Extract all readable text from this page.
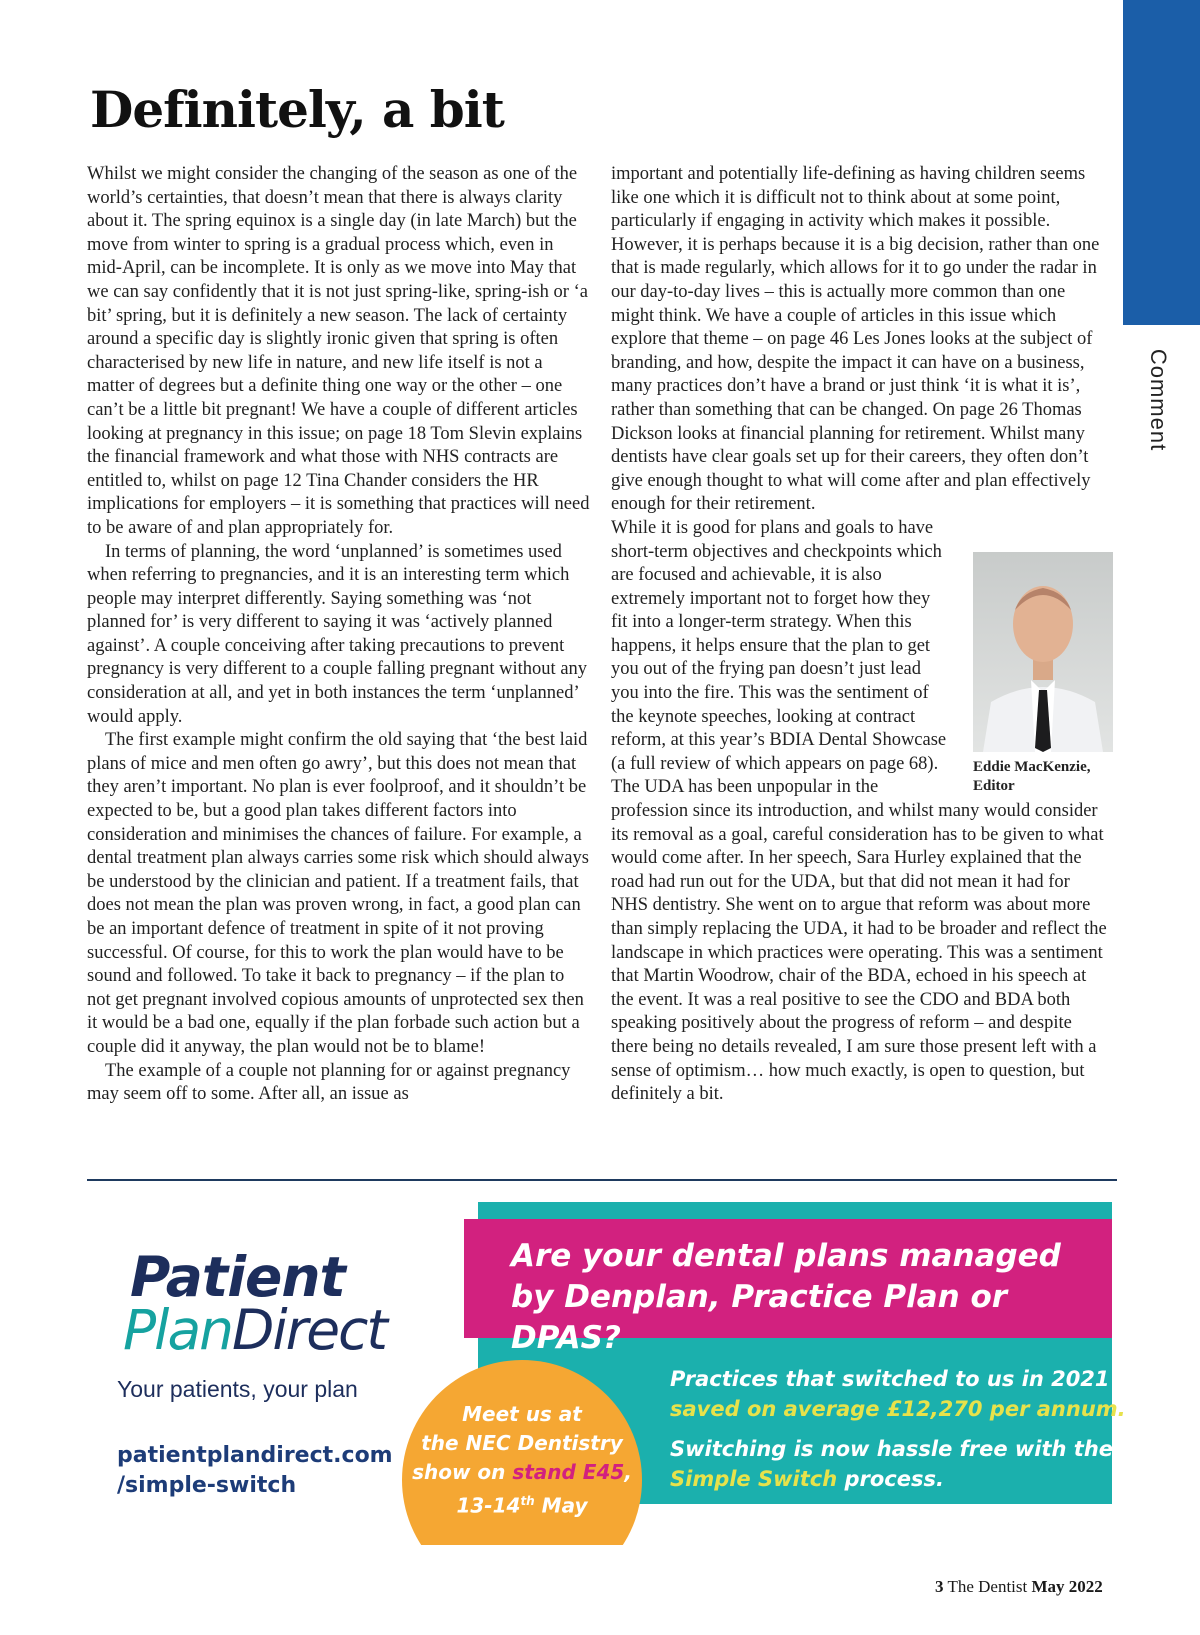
Comment
Definitely, a bit

Whilst we might consider the changing of the season as one of the world’s certainties, that doesn’t mean that there is always clarity about it. The spring equinox is a single day (in late March) but the move from winter to spring is a gradual process which, even in mid-April, can be incomplete. It is only as we move into May that we can say confidently that it is not just spring-like, spring-ish or ‘a bit’ spring, but it is definitely a new season. The lack of certainty around a specific day is slightly ironic given that spring is often characterised by new life in nature, and new life itself is not a matter of degrees but a definite thing one way or the other – one can’t be a little bit pregnant! We have a couple of different articles looking at pregnancy in this issue; on page 18 Tom Slevin explains the financial framework and what those with NHS contracts are entitled to, whilst on page 12 Tina Chander considers the HR implications for employers – it is something that practices will need to be aware of and plan appropriately for.

In terms of planning, the word ‘unplanned’ is sometimes used when referring to pregnancies, and it is an interesting term which people may interpret differently. Saying something was ‘not planned for’ is very different to saying it was ‘actively planned against’. A couple conceiving after taking precautions to prevent pregnancy is very different to a couple falling pregnant without any consideration at all, and yet in both instances the term ‘unplanned’ would apply.

The first example might confirm the old saying that ‘the best laid plans of mice and men often go awry’, but this does not mean that they aren’t important. No plan is ever foolproof, and it shouldn’t be expected to be, but a good plan takes different factors into consideration and minimises the chances of failure. For example, a dental treatment plan always carries some risk which should always be understood by the clinician and patient. If a treatment fails, that does not mean the plan was proven wrong, in fact, a good plan can be an important defence of treatment in spite of it not proving successful. Of course, for this to work the plan would have to be sound and followed. To take it back to pregnancy – if the plan to not get pregnant involved copious amounts of unprotected sex then it would be a bad one, equally if the plan forbade such action but a couple did it anyway, the plan would not be to blame!

The example of a couple not planning for or against pregnancy may seem off to some. After all, an issue as

important and potentially life-defining as having children seems like one which it is difficult not to think about at some point, particularly if engaging in activity which makes it possible. However, it is perhaps because it is a big decision, rather than one that is made regularly, which allows for it to go under the radar in our day-to-day lives – this is actually more common than one might think. We have a couple of articles in this issue which explore that theme – on page 46 Les Jones looks at the subject of branding, and how, despite the impact it can have on a business, many practices don’t have a brand or just think ‘it is what it is’, rather than something that can be changed. On page 26 Thomas Dickson looks at financial planning for retirement. Whilst many dentists have clear goals set up for their careers, they often don’t give enough thought to what will come after and plan effectively enough for their retirement.

Eddie MacKenzie,
Editor

While it is good for plans and goals to have short-term objectives and checkpoints which are focused and achievable, it is also extremely important not to forget how they fit into a longer-term strategy. When this happens, it helps ensure that the plan to get you out of the frying pan doesn’t just lead you into the fire. This was the sentiment of the keynote speeches, looking at contract reform, at this year’s BDIA Dental Showcase (a full review of which appears on page 68). The UDA has been unpopular in the profession since its introduction, and whilst many would consider its removal as a goal, careful consideration has to be given to what would come after. In her speech, Sara Hurley explained that the road had run out for the UDA, but that did not mean it had for NHS dentistry. She went on to argue that reform was about more than simply replacing the UDA, it had to be broader and reflect the landscape in which practices were operating. This was a sentiment that Martin Woodrow, chair of the BDA, echoed in his speech at the event. It was a real positive to see the CDO and BDA both speaking positively about the progress of reform – and despite there being no details revealed, I am sure those present left with a sense of optimism… how much exactly, is open to question, but definitely a bit.

Are your dental plans managed by Denplan, Practice Plan or DPAS?
Practices that switched to us in 2021
saved on average £12,270 per annum.
Switching is now hassle free with the
Simple Switch process.
Meet us at
the NEC Dentistry
show on stand E45,
13-14th May
Patient
PlanDirect
Your patients, your plan
patientplandirect.com
/simple-switch
3 The Dentist May 2022
